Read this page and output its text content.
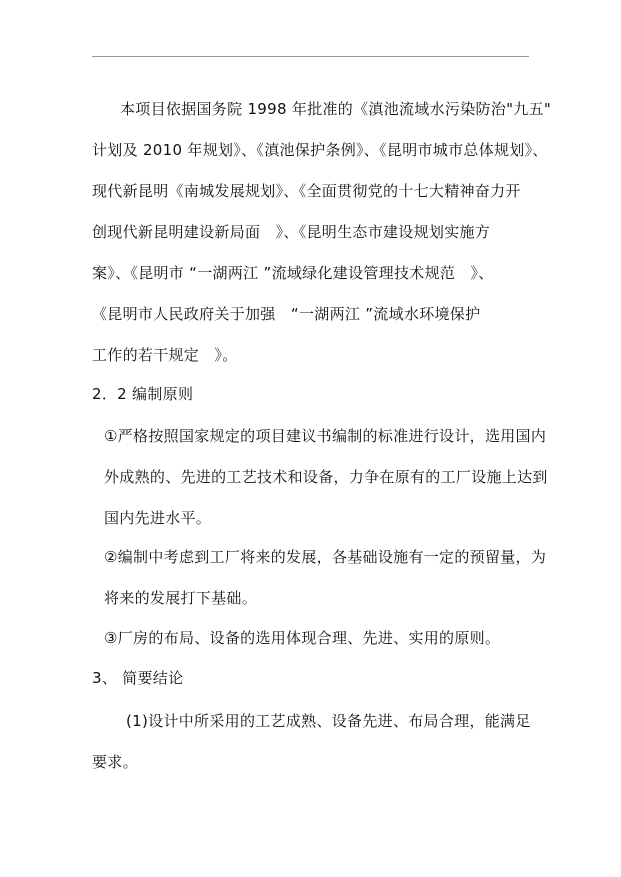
本项目依据国务院 1998 年批准的《滇池流域水污染防治"九五"
计划及 2010 年规划》、《滇池保护条例》、《昆明市城市总体规划》、
现代新昆明《南城发展规划》、《全面贯彻党的十七大精神奋力开
创现代新昆明建设新局面　》、《昆明生态市建设规划实施方
案》、《昆明市 “一湖两江 ”流域绿化建设管理技术规范　》、
《昆明市人民政府关于加强　“一湖两江 ”流域水环境保护
工作的若干规定　》。
2．2 编制原则
①严格按照国家规定的项目建议书编制的标准进行设计，选用国内
外成熟的、先进的工艺技术和设备，力争在原有的工厂设施上达到
国内先进水平。
②编制中考虑到工厂将来的发展，各基础设施有一定的预留量，为
将来的发展打下基础。
③厂房的布局、设备的选用体现合理、先进、实用的原则。
3、 简要结论
(1)设计中所采用的工艺成熟、设备先进、布局合理，能满足
要求。
